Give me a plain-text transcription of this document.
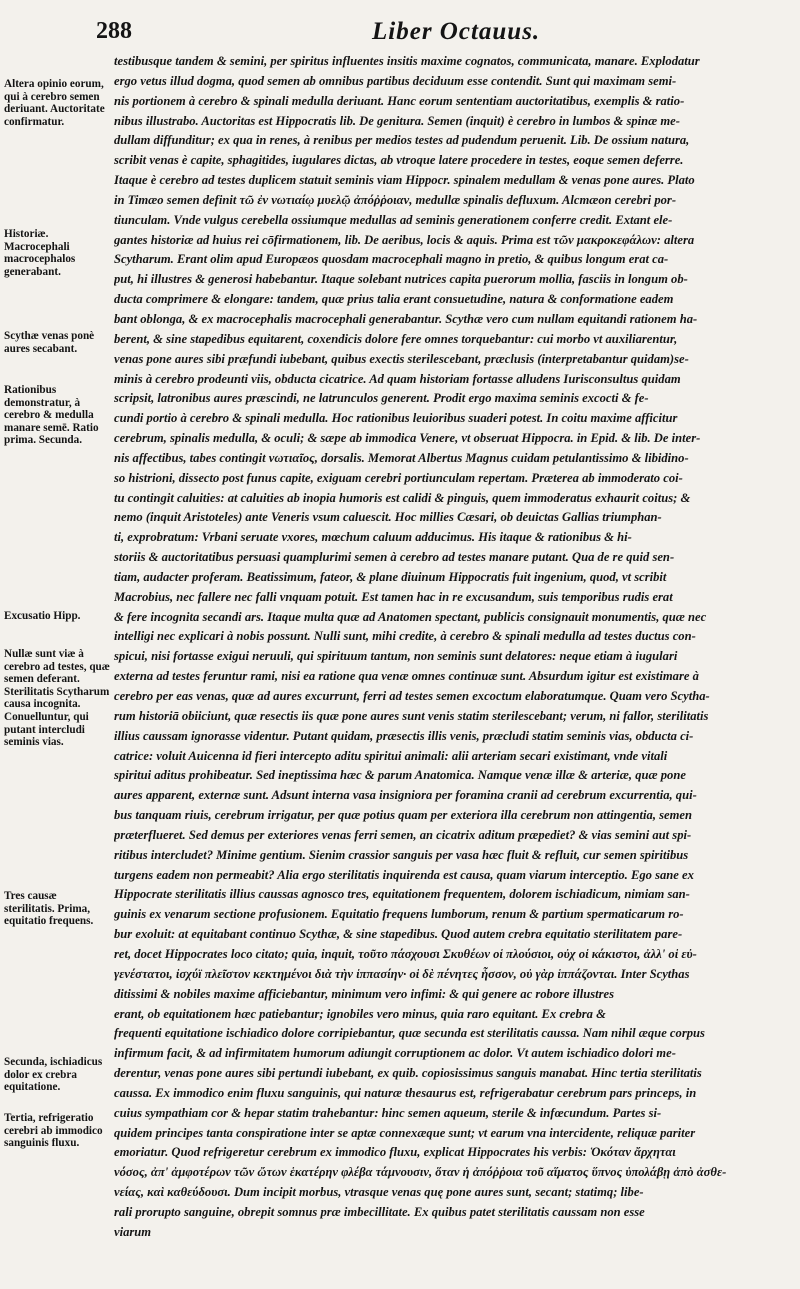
288	Liber Octauus.
Altera opinio eorum, qui à cerebro semen deriuant. Auctoritate confirmatur.
Historiæ. Macrocephali macrocephalos generabant.
Scythæ venas ponè aures secabant.
Rationibus demonstratur, à cerebro & medulla manare semē. Ratio prima. Secunda.
Excusatio Hipp.
Nullæ sunt viæ à cerebro ad testes, quæ semen deferant. Sterilitatis Scytharum causa incognita. Conuelluntur, qui putant intercludi seminis vias.
Tres causæ sterilitatis. Prima, equitatio frequens.
Secunda, ischiadicus dolor ex crebra equitatione.
Tertia, refrigeratio cerebri ab immodico sanguinis fluxu.
testibusque tandem & semini, per spiritus influentes insitis maxime cognatos, communicata, manare. Explodatur
ergo vetus illud dogma, quod semen ab omnibus partibus deciduum esse contendit. Sunt qui maximam semi-
nis portionem à cerebro & spinali medulla deriuant. Hanc eorum sententiam auctoritatibus, exemplis & ratio-
nibus illustrabo. Auctoritas est Hippocratis lib. De genitura. Semen (inquit) è cerebro in lumbos & spinæ me-
dullam diffunditur; ex qua in renes, à renibus per medios testes ad pudendum peruenit. Lib. De ossium natura,
scribit venas è capite, sphagitides, iugulares dictas, ab vtroque latere procedere in testes, eoque semen deferre.
Itaque è cerebro ad testes duplicem statuit seminis viam Hippocr. spinalem medullam & venas pone aures. Plato
in Timæo semen definit τῶ ἐν νωτιαίῳ μυελῷ ἀπόῤῥοιαν, medullæ spinalis defluxum. Alcmæon cerebri por-
tiunculam. Vnde vulgus cerebella ossiumque medullas ad seminis generationem conferre credit. Extant ele-
gantes historiæ ad huius rei cōfirmationem, lib. De aeribus, locis & aquis. Prima est τῶν μακροκεφάλων: altera
Scytharum. Erant olim apud Europæos quosdam macrocephali magno in pretio, & quibus longum erat ca-
put, hi illustres & generosi habebantur. Itaque solebant nutrices capita puerorum mollia, fasciis in longum ob-
ducta comprimere & elongare: tandem, quæ prius talia erant consuetudine, natura & conformatione eadem
bant oblonga, & ex macrocephalis macrocephali generabantur. Scythæ vero cum nullam equitandi rationem ha-
berent, & sine stapedibus equitarent, coxendicis dolore fere omnes torquebantur: cui morbo vt auxiliarentur,
venas pone aures sibi præfundi iubebant, quibus exectis sterilescebant, præclusis (interpretabantur quidam)se-
minis à cerebro prodeunti viis, obducta cicatrice. Ad quam historiam fortasse alludens Iurisconsultus quidam
scripsit, latronibus aures præscindi, ne latrunculos generent. Prodit ergo maxima seminis excocti & fe-
cundi portio à cerebro & spinali medulla. Hoc rationibus leuioribus suaderi potest. In coitu maxime afficitur
cerebrum, spinalis medulla, & oculi; & sæpe ab immodica Venere, vt obseruat Hippocra. in Epid. & lib. De inter-
nis affectibus, tabes contingit νωτιαῖος, dorsalis. Memorat Albertus Magnus cuidam petulantissimo & libidino-
so histrioni, dissecto post funus capite, exiguam cerebri portiunculam repertam. Præterea ab immoderato coi-
tu contingit caluities: at caluities ab inopia humoris est calidi & pinguis, quem immoderatus exhaurit coitus; &
nemo (inquit Aristoteles) ante Veneris vsum caluescit. Hoc millies Cæsari, ob deuictas Gallias triumphan-
ti, exprobratum: Vrbani seruate vxores, mœchum caluum adducimus. His itaque & rationibus & hi-
storiis & auctoritatibus persuasi quamplurimi semen à cerebro ad testes manare putant. Qua de re quid sen-
tiam, audacter proferam. Beatissimum, fateor, & plane diuinum Hippocratis fuit ingenium, quod, vt scribit
Macrobius, nec fallere nec falli vnquam potuit. Est tamen hac in re excusandum, suis temporibus rudis erat
& fere incognita secandi ars. Itaque multa quæ ad Anatomen spectant, publicis consignauit monumentis, quæ nec
intelligi nec explicari à nobis possunt. Nulli sunt, mihi credite, à cerebro & spinali medulla ad testes ductus con-
spicui, nisi fortasse exigui neruuli, qui spirituum tantum, non seminis sunt delatores: neque etiam à iugulari
externa ad testes feruntur rami, nisi ea ratione qua venæ omnes continuæ sunt. Absurdum igitur est existimare à
cerebro per eas venas, quæ ad aures excurrunt, ferri ad testes semen excoctum elaboratumque. Quam vero Scytha-
rum historiā obiiciunt, quæ resectis iis quæ pone aures sunt venis statim sterilescebant; verum, ni fallor, sterilitatis
illius caussam ignorasse videntur. Putant quidam, præsectis illis venis, præcludi statim seminis vias, obducta ci-
catrice: voluit Auicenna id fieri intercepto aditu spiritui animali: alii arteriam secari existimant, vnde vitali
spiritui aditus prohibeatur. Sed ineptissima hæc & parum Anatomica. Namque venæ illæ & arteriæ, quæ pone
aures apparent, externæ sunt. Adsunt interna vasa insigniora per foramina cranii ad cerebrum excurrentia, qui-
bus tanquam riuis, cerebrum irrigatur, per quæ potius quam per exteriora illa cerebrum non attingentia, semen
præterflueret. Sed demus per exteriores venas ferri semen, an cicatrix aditum præpediet? & vias semini aut spi-
ritibus intercludet? Minime gentium. Sienim crassior sanguis per vasa hæc fluit & refluit, cur semen spiritibus
turgens eadem non permeabit? Alia ergo sterilitatis inquirenda est causa, quam viarum interceptio. Ego sane ex
Hippocrate sterilitatis illius caussas agnosco tres, equitationem frequentem, dolorem ischiadicum, nimiam san-
guinis ex venarum sectione profusionem. Equitatio frequens lumborum, renum & partium spermaticarum ro-
bur exoluit: at equitabant continuo Scythæ, & sine stapedibus. Quod autem crebra equitatio sterilitatem pare-
ret, docet Hippocrates loco citato; quia, inquit, τοῦτο πάσχουσι Σκυθέων οἱ πλούσιοι, οὐχ οἱ κάκιστοι, ἀλλ' οἱ εὐ-
γενέστατοι, ἰσχύϊ πλεῖστον κεκτημένοι διὰ τὴν ἱππασίην· οἱ δὲ πένητες ἧσσον, οὐ γὰρ ἱππάζονται. Inter Scythas
ditissimi & nobiles maxime afficiebantur, minimum vero infimi: & qui genere ac robore illustres
erant, ob equitationem hæc patiebantur; ignobiles vero minus, quia raro equitant. Ex crebra &
frequenti equitatione ischiadico dolore corripiebantur, quæ secunda est sterilitatis caussa. Nam nihil æque corpus
infirmum facit, & ad infirmitatem humorum adiungit corruptionem ac dolor. Vt autem ischiadico dolori me-
derentur, venas pone aures sibi pertundi iubebant, ex quib. copiosissimus sanguis manabat. Hinc tertia sterilitatis
caussa. Ex immodico enim fluxu sanguinis, qui naturæ thesaurus est, refrigerabatur cerebrum pars princeps, in
cuius sympathiam cor & hepar statim trahebantur: hinc semen aqueum, sterile & infœcundum. Partes si-
quidem principes tanta conspiratione inter se aptæ connexæque sunt; vt earum vna intercidente, reliquæ pariter
emoriatur. Quod refrigeretur cerebrum ex immodico fluxu, explicat Hippocrates his verbis: Ὁκόταν ἄρχηται
νόσος, ἀπ' ἀμφοτέρων τῶν ὤτων ἑκατέρην φλέβα τάμνουσιν, ὅταν ἡ ἀπόῤῥοια τοῦ αἵματος ὕπνος ὑπολάβῃ ἀπὸ ἀσθε-
νείας, καὶ καθεύδουσι. Dum incipit morbus, vtrasque venas quę pone aures sunt, secant; statimq; libe-
rali prorupto sanguine, obrepit somnus præ imbecillitate. Ex quibus patet sterilitatis caussam non esse
viarum
